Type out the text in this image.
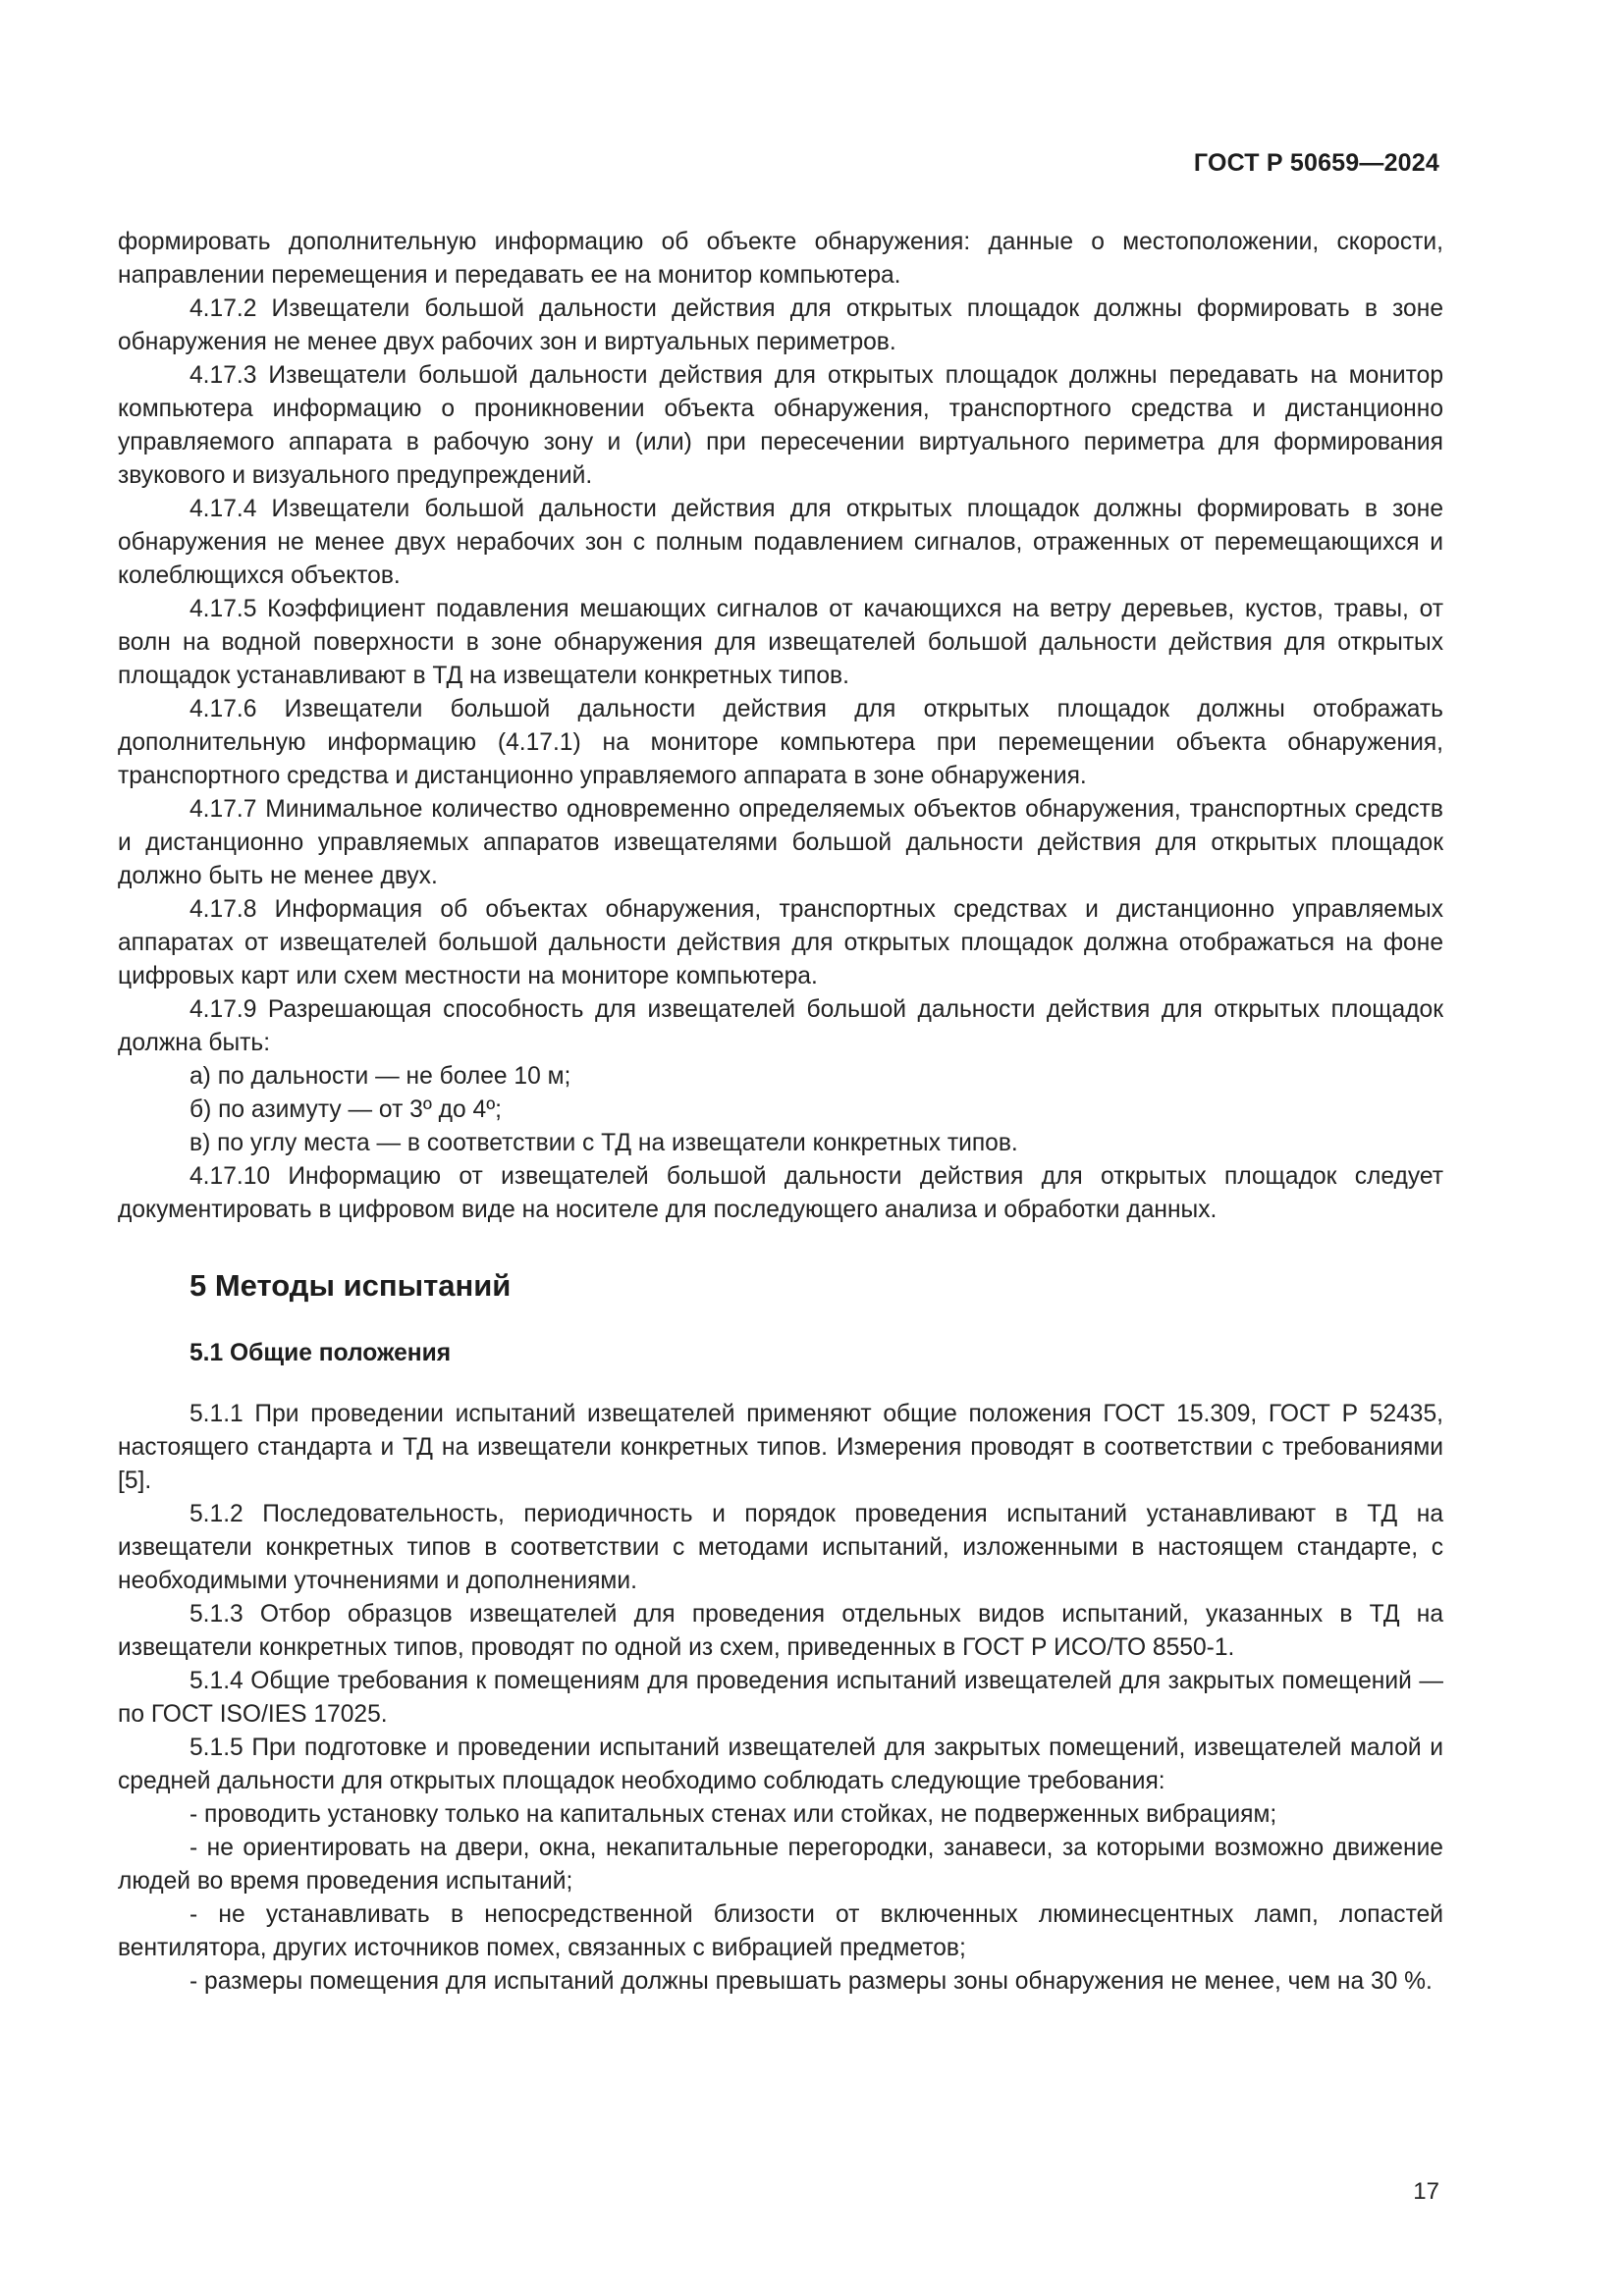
ГОСТ Р 50659—2024

формировать дополнительную информацию об объекте обнаружения: данные о местоположении, скорости, направлении перемещения и передавать ее на монитор компьютера.

4.17.2 Извещатели большой дальности действия для открытых площадок должны формировать в зоне обнаружения не менее двух рабочих зон и виртуальных периметров.

4.17.3 Извещатели большой дальности действия для открытых площадок должны передавать на монитор компьютера информацию о проникновении объекта обнаружения, транспортного средства и дистанционно управляемого аппарата в рабочую зону и (или) при пересечении виртуального периметра для формирования звукового и визуального предупреждений.

4.17.4 Извещатели большой дальности действия для открытых площадок должны формировать в зоне обнаружения не менее двух нерабочих зон с полным подавлением сигналов, отраженных от перемещающихся и колеблющихся объектов.

4.17.5 Коэффициент подавления мешающих сигналов от качающихся на ветру деревьев, кустов, травы, от волн на водной поверхности в зоне обнаружения для извещателей большой дальности действия для открытых площадок устанавливают в ТД на извещатели конкретных типов.

4.17.6 Извещатели большой дальности действия для открытых площадок должны отображать дополнительную информацию (4.17.1) на мониторе компьютера при перемещении объекта обнаружения, транспортного средства и дистанционно управляемого аппарата в зоне обнаружения.

4.17.7 Минимальное количество одновременно определяемых объектов обнаружения, транспортных средств и дистанционно управляемых аппаратов извещателями большой дальности действия для открытых площадок должно быть не менее двух.

4.17.8 Информация об объектах обнаружения, транспортных средствах и дистанционно управляемых аппаратах от извещателей большой дальности действия для открытых площадок должна отображаться на фоне цифровых карт или схем местности на мониторе компьютера.

4.17.9 Разрешающая способность для извещателей большой дальности действия для открытых площадок должна быть:

а) по дальности — не более 10 м;

б) по азимуту — от 3º до 4º;

в) по углу места — в соответствии с ТД на извещатели конкретных типов.

4.17.10 Информацию от извещателей большой дальности действия для открытых площадок следует документировать в цифровом виде на носителе для последующего анализа и обработки данных.

5 Методы испытаний
5.1 Общие положения

5.1.1 При проведении испытаний извещателей применяют общие положения ГОСТ 15.309, ГОСТ Р 52435, настоящего стандарта и ТД на извещатели конкретных типов. Измерения проводят в соответствии с требованиями [5].

5.1.2 Последовательность, периодичность и порядок проведения испытаний устанавливают в ТД на извещатели конкретных типов в соответствии с методами испытаний, изложенными в настоящем стандарте, с необходимыми уточнениями и дополнениями.

5.1.3 Отбор образцов извещателей для проведения отдельных видов испытаний, указанных в ТД на извещатели конкретных типов, проводят по одной из схем, приведенных в ГОСТ Р ИСО/ТО 8550-1.

5.1.4 Общие требования к помещениям для проведения испытаний извещателей для закрытых помещений — по ГОСТ ISO/IES 17025.

5.1.5 При подготовке и проведении испытаний извещателей для закрытых помещений, извещателей малой и средней дальности для открытых площадок необходимо соблюдать следующие требования:

- проводить установку только на капитальных стенах или стойках, не подверженных вибрациям;

- не ориентировать на двери, окна, некапитальные перегородки, занавеси, за которыми возможно движение людей во время проведения испытаний;

- не устанавливать в непосредственной близости от включенных люминесцентных ламп, лопастей вентилятора, других источников помех, связанных с вибрацией предметов;

- размеры помещения для испытаний должны превышать размеры зоны обнаружения не менее, чем на 30 %.

17
